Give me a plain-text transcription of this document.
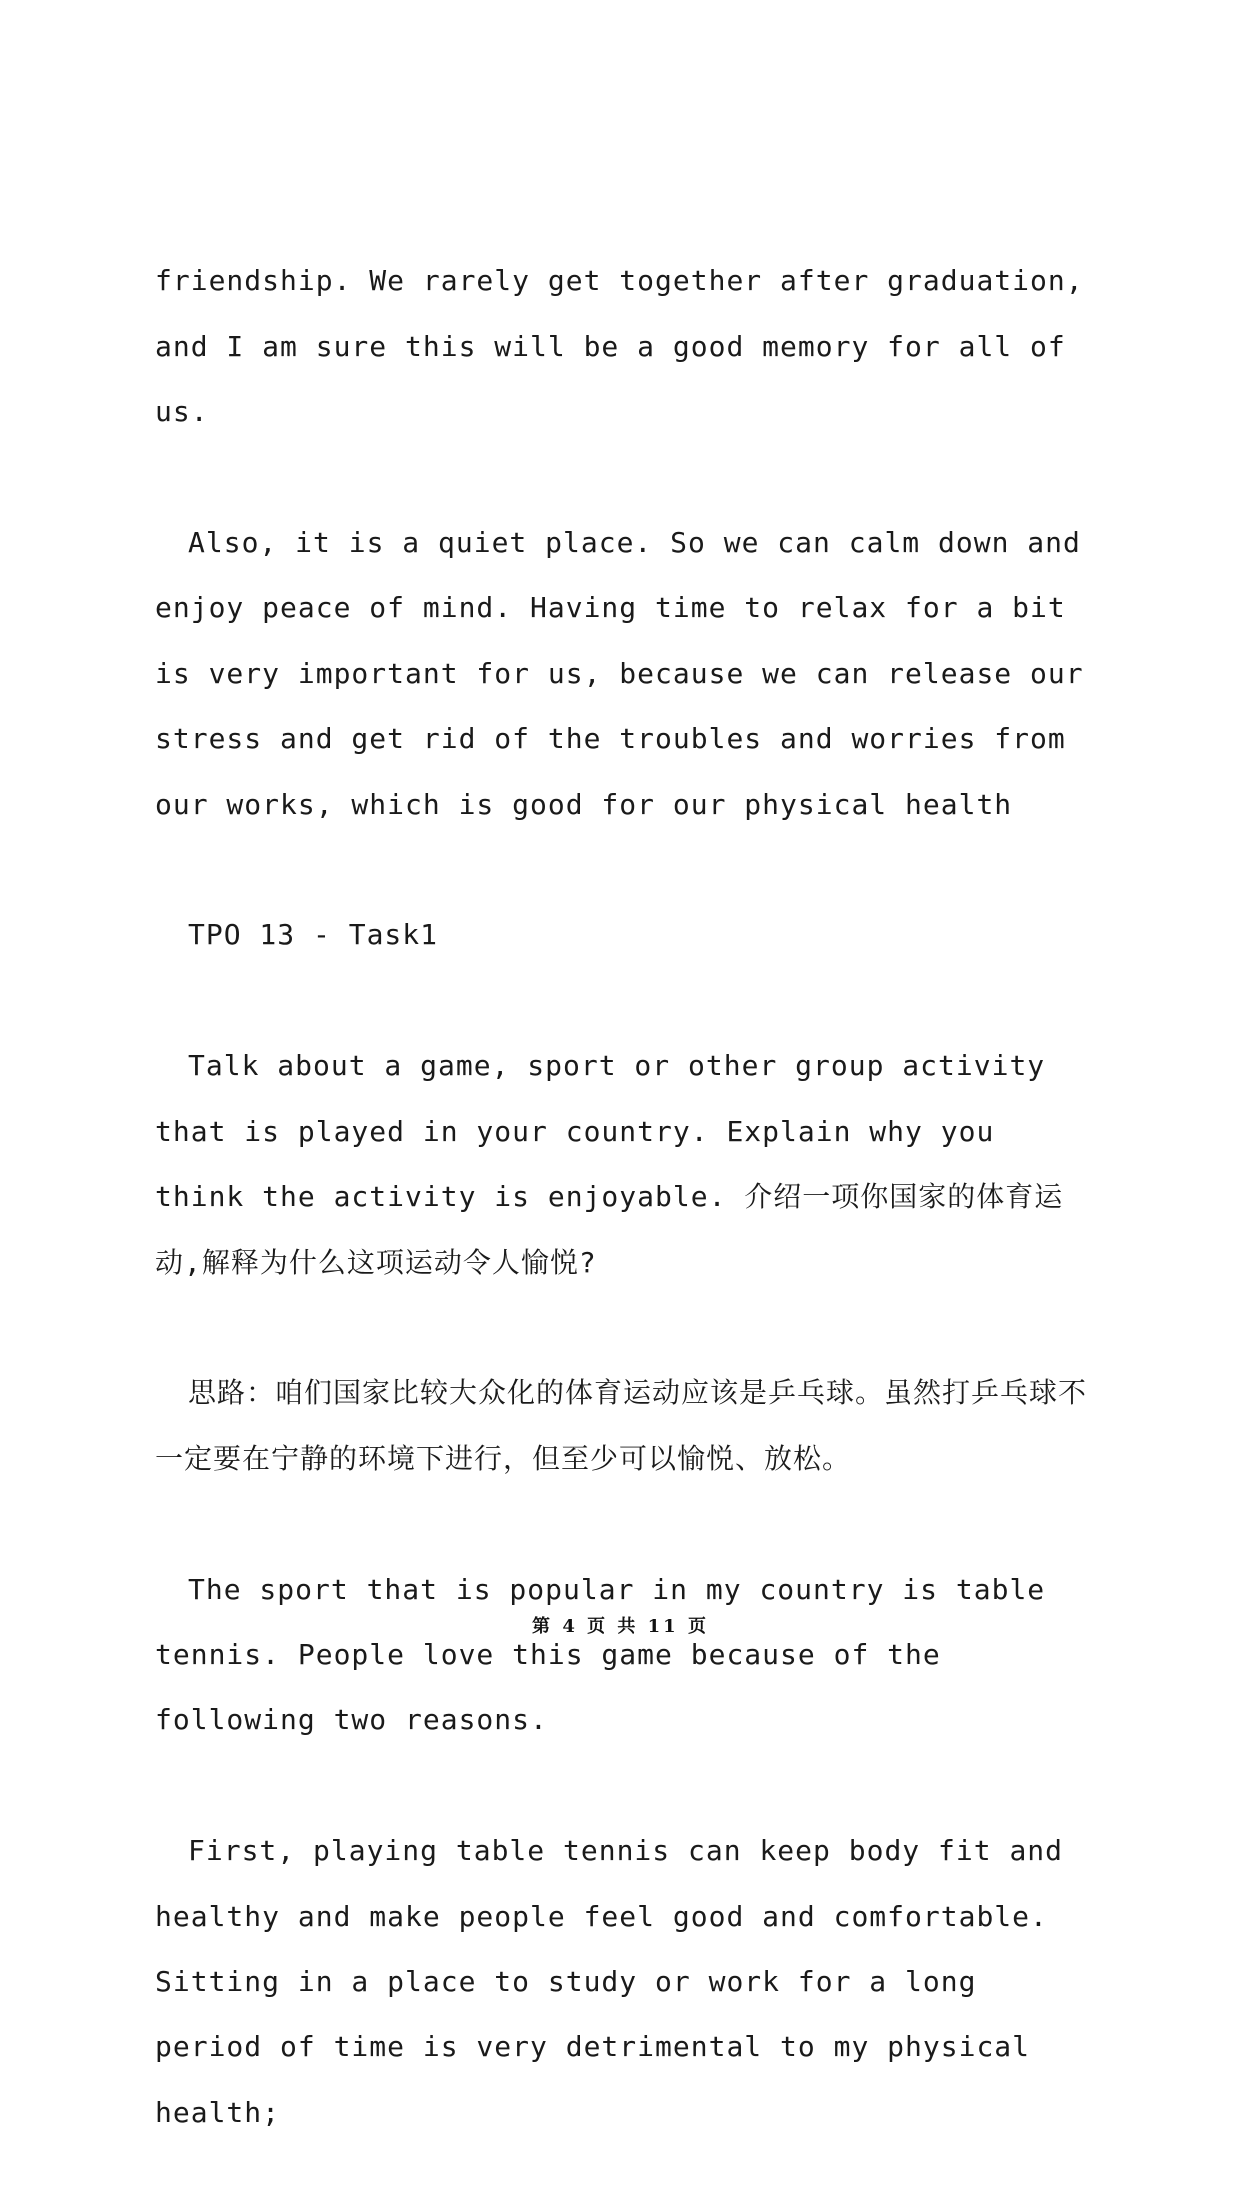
friendship. We rarely get together after graduation, and I am sure this will be a good memory for all of us.

Also, it is a quiet place. So we can calm down and enjoy peace of mind. Having time to relax for a bit is very important for us, because we can release our stress and get rid of the troubles and worries from our works, which is good for our physical health

TPO 13 - Task1

Talk about a game, sport or other group activity that is played in your country. Explain why you think the activity is enjoyable. 介绍一项你国家的体育运动,解释为什么这项运动令人愉悦?

思路：咱们国家比较大众化的体育运动应该是乒乓球。虽然打乒乓球不一定要在宁静的环境下进行，但至少可以愉悦、放松。

The sport that is popular in my country is table tennis. People love this game because of the following two reasons.

First, playing table tennis can keep body fit and healthy and make people feel good and comfortable. Sitting in a place to study or work for a long period of time is very detrimental to my physical health;

第 4 页 共 11 页
